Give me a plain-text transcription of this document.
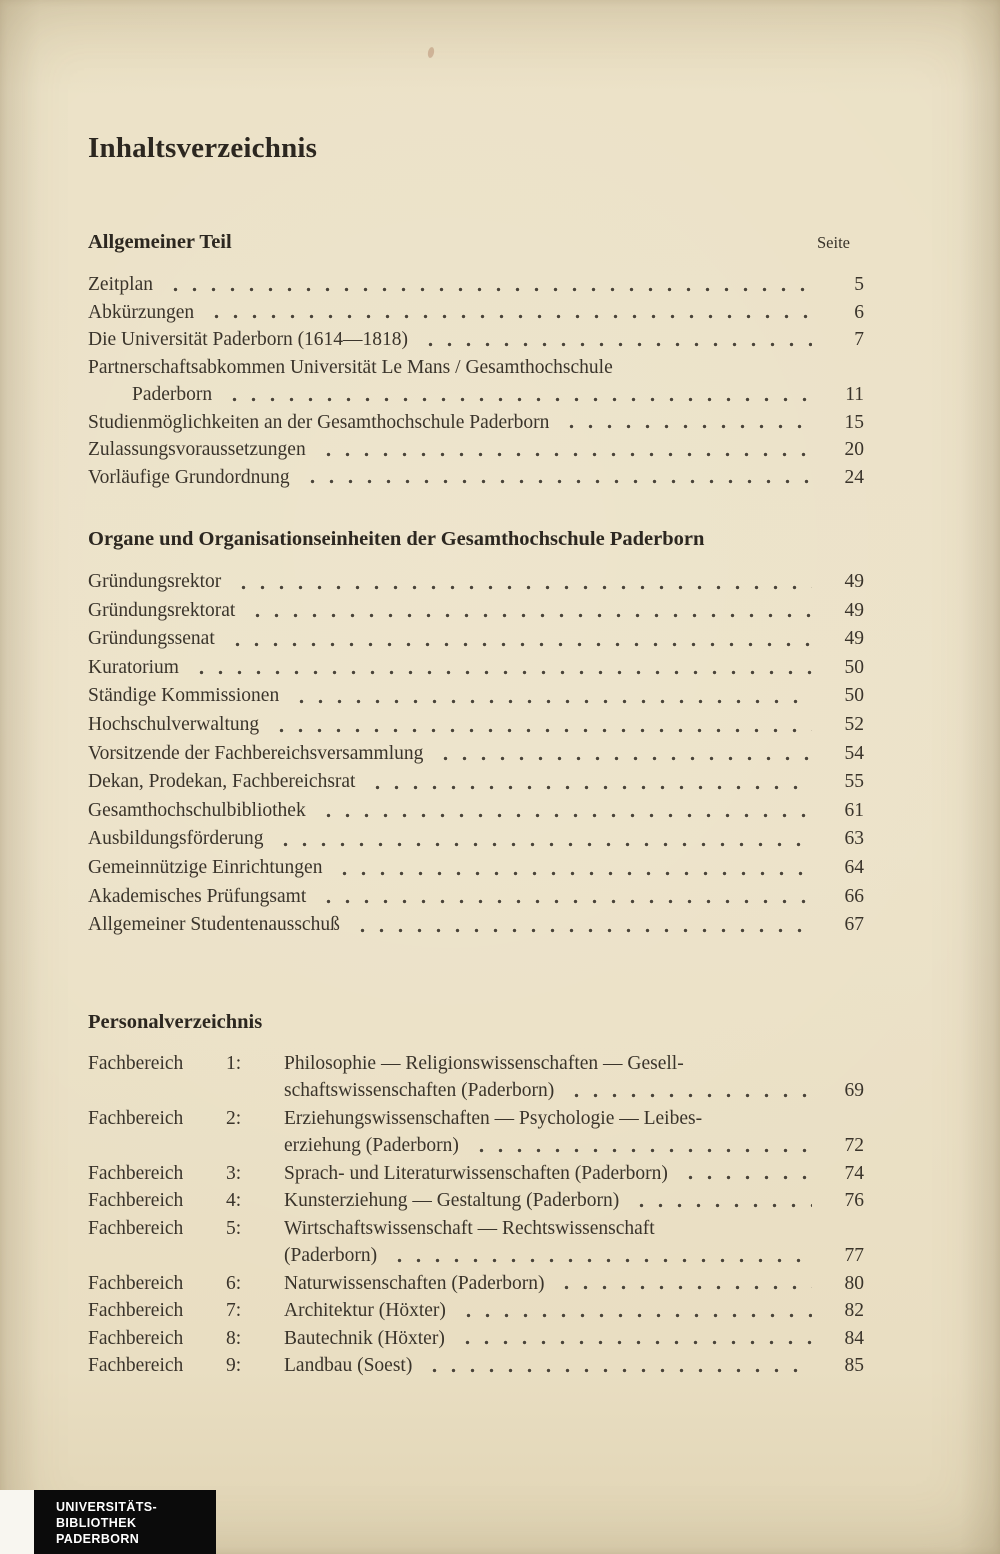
Inhaltsverzeichnis
Allgemeiner Teil	Seite
Zeitplan	5
Abkürzungen	6
Die Universität Paderborn (1614—1818)	7
Partnerschaftsabkommen Universität Le Mans / Gesamthochschule
Paderborn	11
Studienmöglichkeiten an der Gesamthochschule Paderborn	15
Zulassungsvoraussetzungen	20
Vorläufige Grundordnung	24
Organe und Organisationseinheiten der Gesamthochschule Paderborn
Gründungsrektor	49
Gründungsrektorat	49
Gründungssenat	49
Kuratorium	50
Ständige Kommissionen	50
Hochschulverwaltung	52
Vorsitzende der Fachbereichsversammlung	54
Dekan, Prodekan, Fachbereichsrat	55
Gesamthochschulbibliothek	61
Ausbildungsförderung	63
Gemeinnützige Einrichtungen	64
Akademisches Prüfungsamt	66
Allgemeiner Studentenausschuß	67
Personalverzeichnis
Fachbereich	1:	Philosophie — Religionswissenschaften — Gesell-
schaftswissenschaften (Paderborn)	69
Fachbereich	2:	Erziehungswissenschaften — Psychologie — Leibes-
erziehung (Paderborn)	72
Fachbereich	3:	Sprach- und Literaturwissenschaften (Paderborn)	74
Fachbereich	4:	Kunsterziehung — Gestaltung (Paderborn)	76
Fachbereich	5:	Wirtschaftswissenschaft — Rechtswissenschaft
(Paderborn)	77
Fachbereich	6:	Naturwissenschaften (Paderborn)	80
Fachbereich	7:	Architektur (Höxter)	82
Fachbereich	8:	Bautechnik (Höxter)	84
Fachbereich	9:	Landbau (Soest)	85
UNIVERSITÄTS-
BIBLIOTHEK
PADERBORN
